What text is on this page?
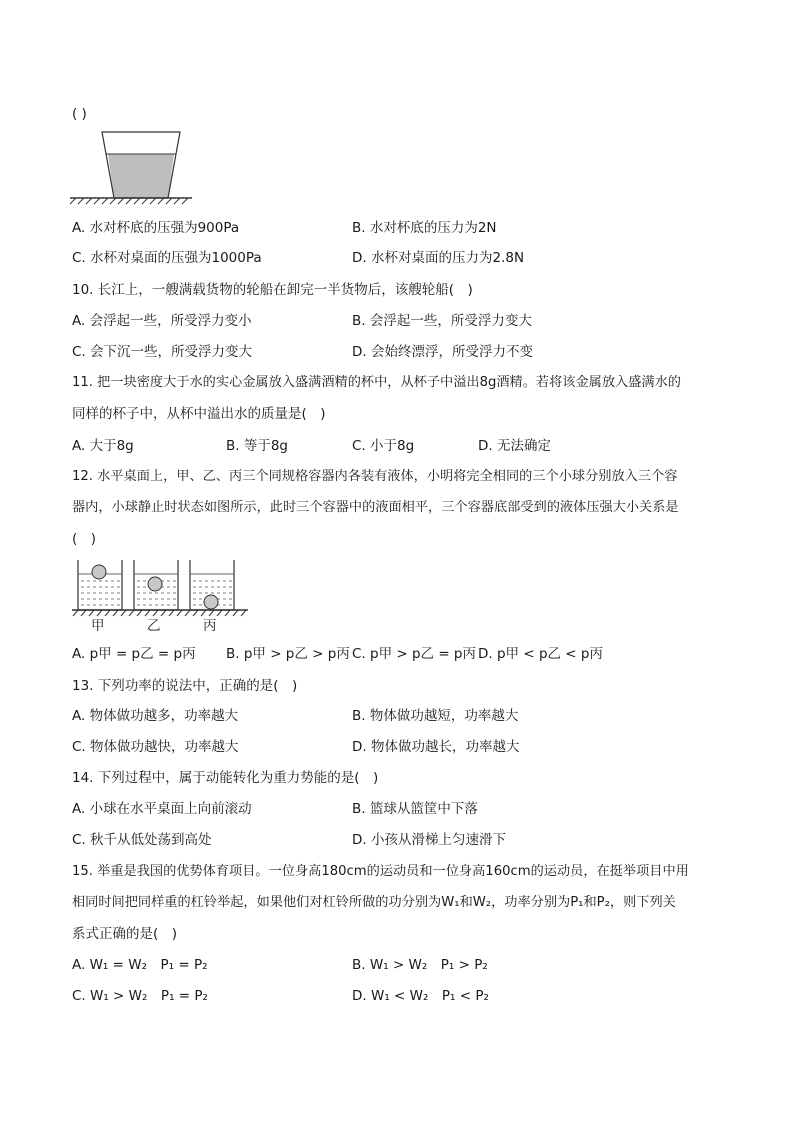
( )
A. 水对杯底的压强为900Pa	B. 水对杯底的压力为2N
C. 水杯对桌面的压强为1000Pa	D. 水杯对桌面的压力为2.8N
10. 长江上，一艘满载货物的轮船在卸完一半货物后，该艘轮船(　)
A. 会浮起一些，所受浮力变小	B. 会浮起一些，所受浮力变大
C. 会下沉一些，所受浮力变大	D. 会始终漂浮，所受浮力不变
11. 把一块密度大于水的实心金属放入盛满酒精的杯中，从杯子中溢出8g酒精。若将该金属放入盛满水的
同样的杯子中，从杯中溢出水的质量是(　)
A. 大于8g	B. 等于8g	C. 小于8g	D. 无法确定
12. 水平桌面上，甲、乙、丙三个同规格容器内各装有液体，小明将完全相同的三个小球分别放入三个容
器内，小球静止时状态如图所示，此时三个容器中的液面相平，三个容器底部受到的液体压强大小关系是
(　)
甲	乙	丙
A. p甲 = p乙 = p丙 B. p甲 > p乙 > p丙 C. p甲 > p乙 = p丙 D. p甲 < p乙 < p丙
13. 下列功率的说法中，正确的是(　)
A. 物体做功越多，功率越大	B. 物体做功越短，功率越大
C. 物体做功越快，功率越大	D. 物体做功越长，功率越大
14. 下列过程中，属于动能转化为重力势能的是(　)
A. 小球在水平桌面上向前滚动	B. 篮球从篮筐中下落
C. 秋千从低处荡到高处	D. 小孩从滑梯上匀速滑下
15. 举重是我国的优势体育项目。一位身高180cm的运动员和一位身高160cm的运动员，在挺举项目中用
相同时间把同样重的杠铃举起，如果他们对杠铃所做的功分别为W₁和W₂，功率分别为P₁和P₂，则下列关
系式正确的是(　)
A. W₁ = W₂　P₁ = P₂	B. W₁ > W₂　P₁ > P₂
C. W₁ > W₂　P₁ = P₂	D. W₁ < W₂　P₁ < P₂
